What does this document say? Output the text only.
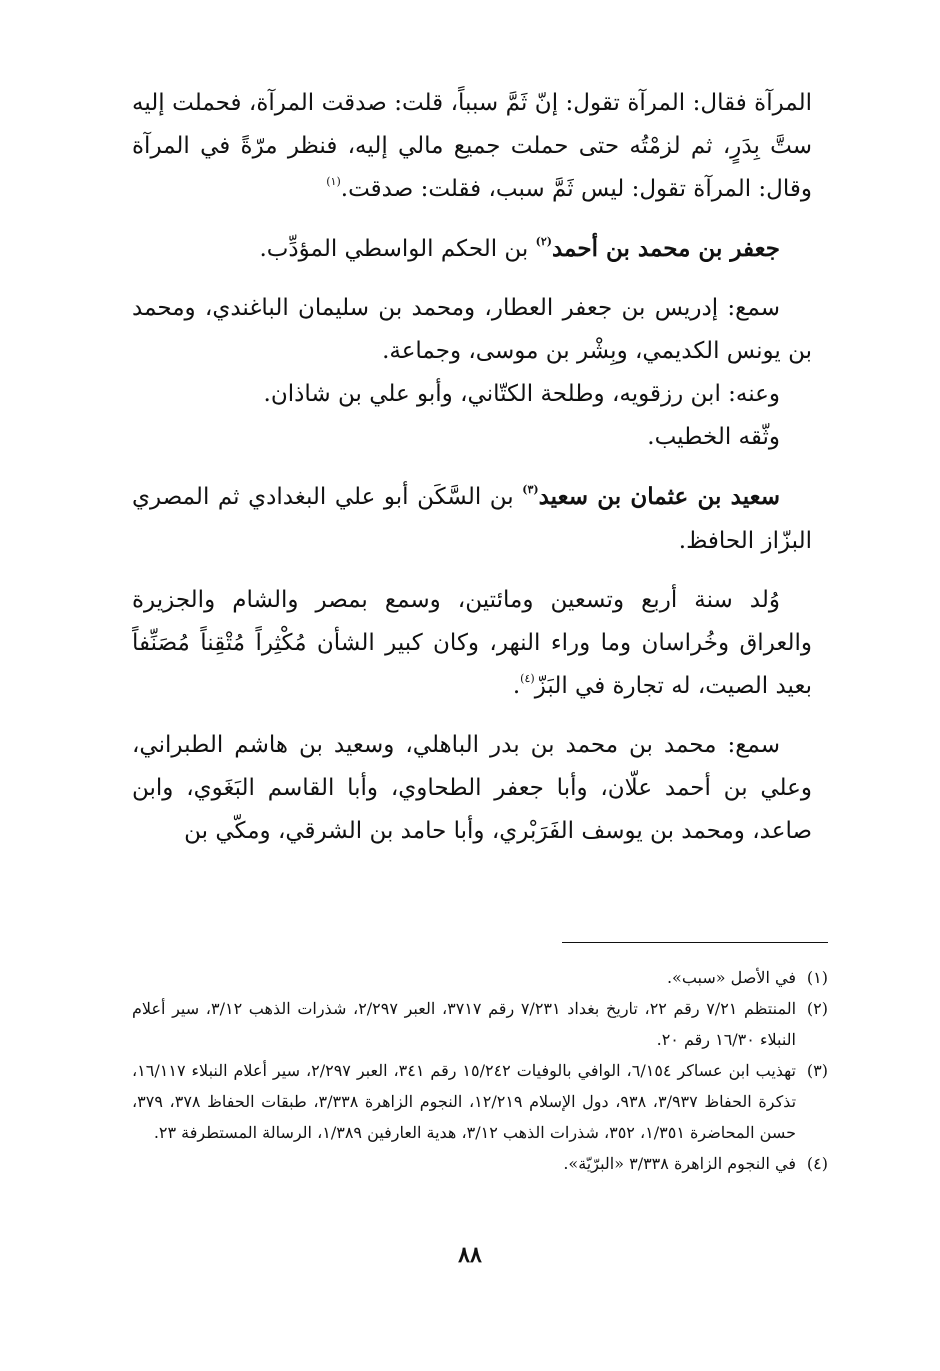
المرآة فقال: المرآة تقول: إنّ ثَمَّ سبباً، قلت: صدقت المرآة، فحملت إليه ستَّ بِدَرٍ، ثم لزمْتُه حتى حملت جميع مالي إليه، فنظر مرّةً في المرآة وقال: المرآة تقول: ليس ثَمَّ سبب، فقلت: صدقت.$^{(١)}$

جعفر بن محمد بن أحمد$^{(٢)}$ بن الحكم الواسطي المؤدِّب.

سمع: إدريس بن جعفر العطار، ومحمد بن سليمان الباغندي، ومحمد بن يونس الكديمي، وبِشْر بن موسى، وجماعة.

وعنه: ابن رزقويه، وطلحة الكتّاني، وأبو علي بن شاذان.

وثّقه الخطيب.

سعيد بن عثمان بن سعيد$^{(٣)}$ بن السَّكَن أبو علي البغدادي ثم المصري البزّاز الحافظ.

وُلد سنة أربع وتسعين ومائتين، وسمع بمصر والشام والجزيرة والعراق وخُراسان وما وراء النهر، وكان كبير الشأن مُكْثِراً مُتْقِناً مُصَنِّفاً بعيد الصيت، له تجارة في البَزّ$^{(٤)}$.

سمع: محمد بن محمد بن بدر الباهلي، وسعيد بن هاشم الطبراني، وعلي بن أحمد علّان، وأبا جعفر الطحاوي، وأبا القاسم البَغَوي، وابن صاعد، ومحمد بن يوسف الفَرَبْري، وأبا حامد بن الشرقي، ومكّي بن

(١)
في الأصل «سبب».
(٢)
المنتظم ٧/٢١ رقم ٢٢، تاريخ بغداد ٧/٢٣١ رقم ٣٧١٧، العبر ٢/٢٩٧، شذرات الذهب ٣/١٢، سير أعلام النبلاء ١٦/٣٠ رقم ٢٠.
(٣)
تهذيب ابن عساكر ٦/١٥٤، الوافي بالوفيات ١٥/٢٤٢ رقم ٣٤١، العبر ٢/٢٩٧، سير أعلام النبلاء ١٦/١١٧، تذكرة الحفاظ ٣/٩٣٧، ٩٣٨، دول الإسلام ١٢/٢١٩، النجوم الزاهرة ٣/٣٣٨، طبقات الحفاظ ٣٧٨، ٣٧٩، حسن المحاضرة ١/٣٥١، ٣٥٢، شذرات الذهب ٣/١٢، هدية العارفين ١/٣٨٩، الرسالة المستطرفة ٢٣.
(٤)
في النجوم الزاهرة ٣/٣٣٨ «البرّيّة».
٨٨
